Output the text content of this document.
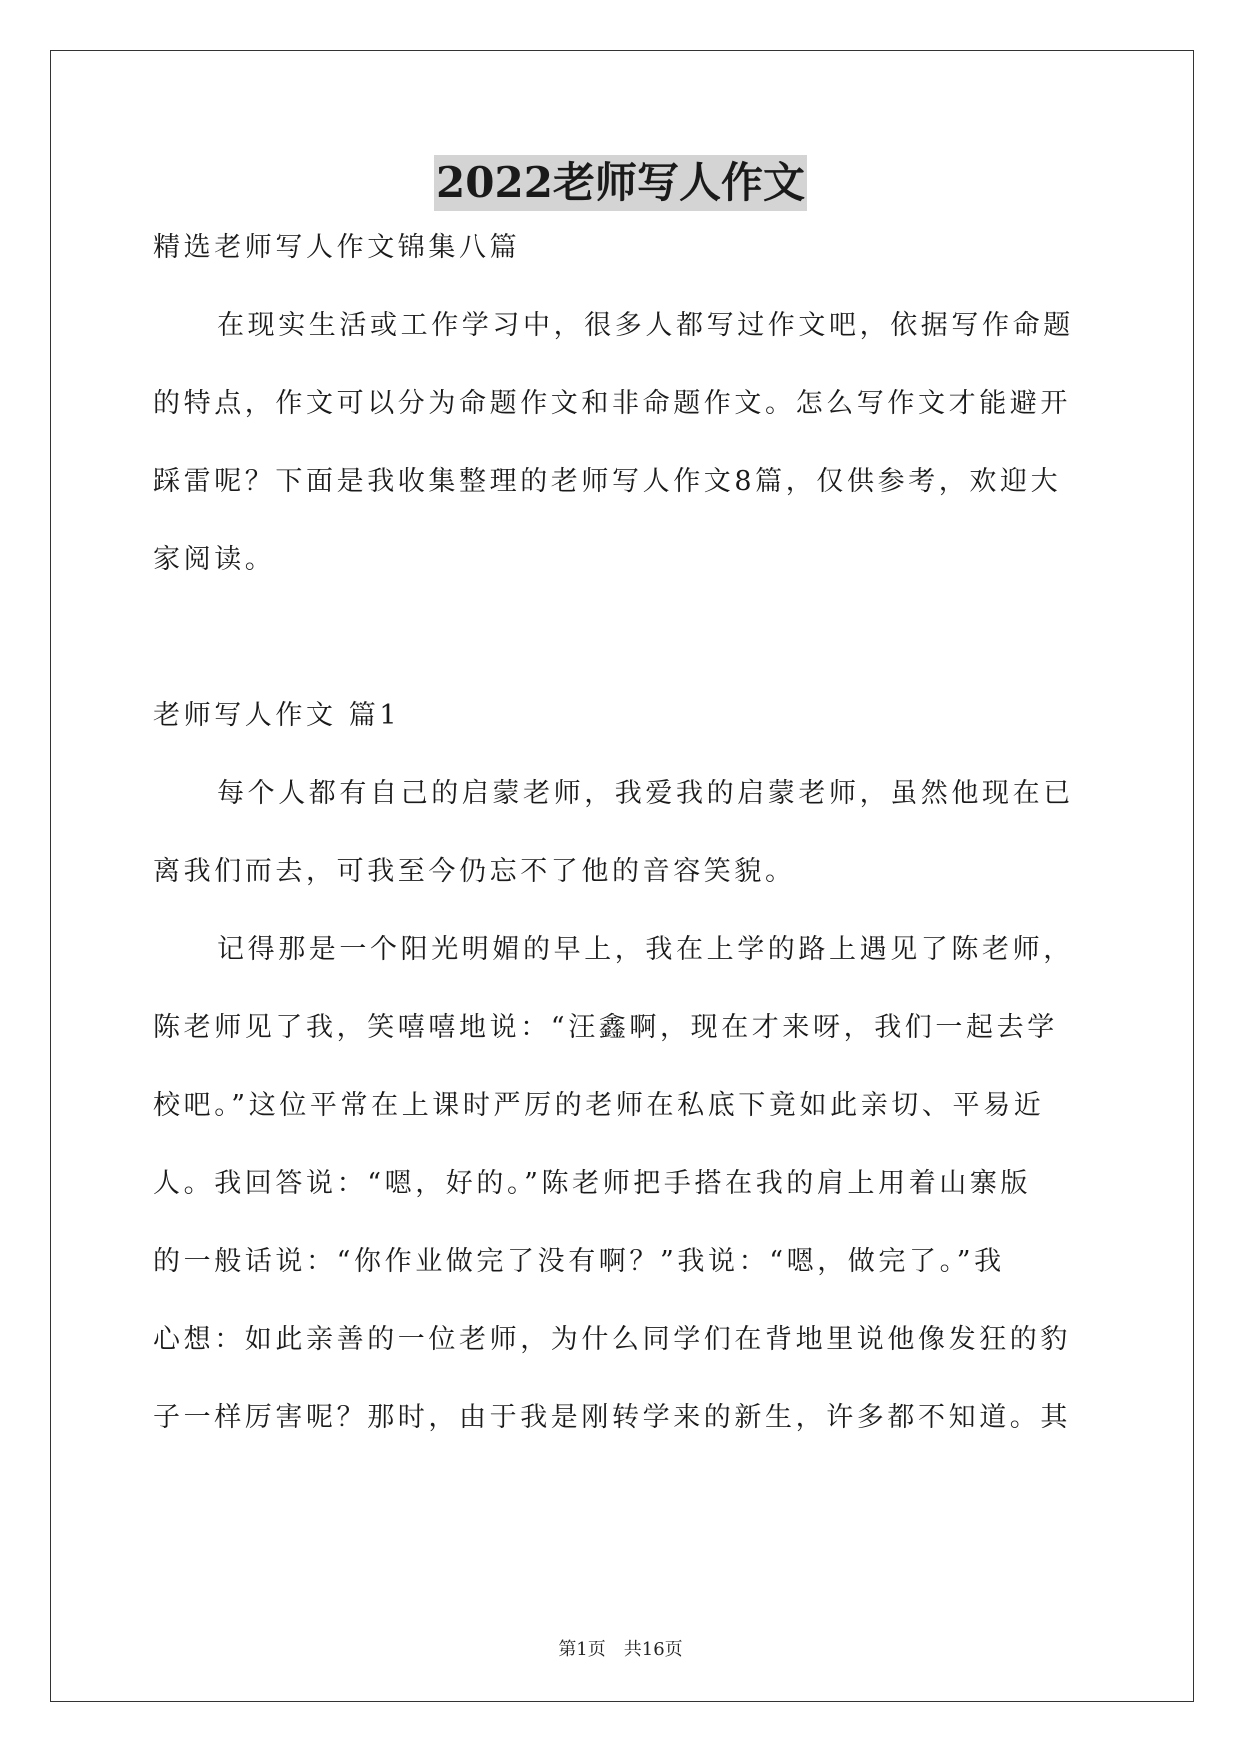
2022老师写人作文
精选老师写人作文锦集八篇
在现实生活或工作学习中，很多人都写过作文吧，依据写作命题
的特点，作文可以分为命题作文和非命题作文。怎么写作文才能避开
踩雷呢？下面是我收集整理的老师写人作文8篇，仅供参考，欢迎大
家阅读。
老师写人作文 篇1
每个人都有自己的启蒙老师，我爱我的启蒙老师，虽然他现在已
离我们而去，可我至今仍忘不了他的音容笑貌。
记得那是一个阳光明媚的早上，我在上学的路上遇见了陈老师，
陈老师见了我，笑嘻嘻地说：“汪鑫啊，现在才来呀，我们一起去学
校吧。”这位平常在上课时严厉的老师在私底下竟如此亲切、平易近
人。我回答说：“嗯，好的。”陈老师把手搭在我的肩上用着山寨版
的一般话说：“你作业做完了没有啊？”我说：“嗯，做完了。”我
心想：如此亲善的一位老师，为什么同学们在背地里说他像发狂的豹
子一样厉害呢？那时，由于我是刚转学来的新生，许多都不知道。其
第1页　共16页
